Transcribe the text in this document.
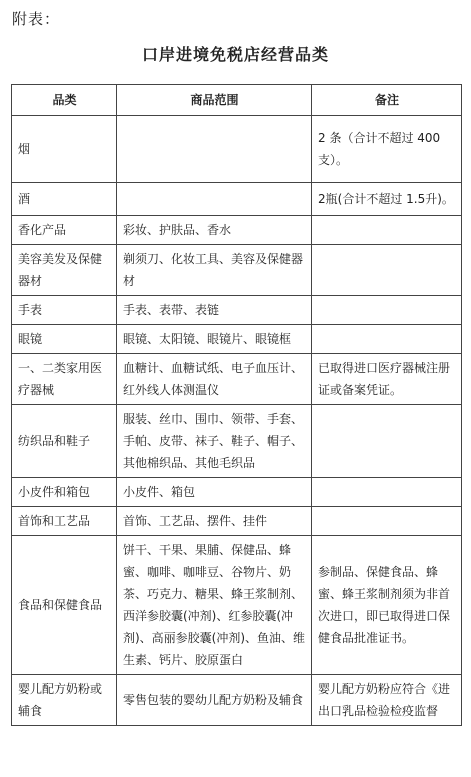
附表：
口岸进境免税店经营品类
品类	商品范围	备注
烟		2 条（合计不超过 400 支）。
酒		2瓶(合计不超过 1.5升)。
香化产品	彩妆、护肤品、香水	
美容美发及保健器材	剃须刀、化妆工具、美容及保健器材	
手表	手表、表带、表链	
眼镜	眼镜、太阳镜、眼镜片、眼镜框	
一、二类家用医疗器械	血糖计、血糖试纸、电子血压计、红外线人体测温仪	已取得进口医疗器械注册证或备案凭证。
纺织品和鞋子	服装、丝巾、围巾、领带、手套、手帕、皮带、袜子、鞋子、帽子、其他棉织品、其他毛织品	
小皮件和箱包	小皮件、箱包	
首饰和工艺品	首饰、工艺品、摆件、挂件	
食品和保健食品	饼干、干果、果脯、保健品、蜂蜜、咖啡、咖啡豆、谷物片、奶茶、巧克力、糖果、蜂王浆制剂、西洋参胶囊(冲剂)、红参胶囊(冲剂)、高丽参胶囊(冲剂)、鱼油、维生素、钙片、胶原蛋白	参制品、保健食品、蜂蜜、蜂王浆制剂须为非首次进口，即已取得进口保健食品批准证书。
婴儿配方奶粉或辅食	零售包装的婴幼儿配方奶粉及辅食	婴儿配方奶粉应符合《进出口乳品检验检疫监督
